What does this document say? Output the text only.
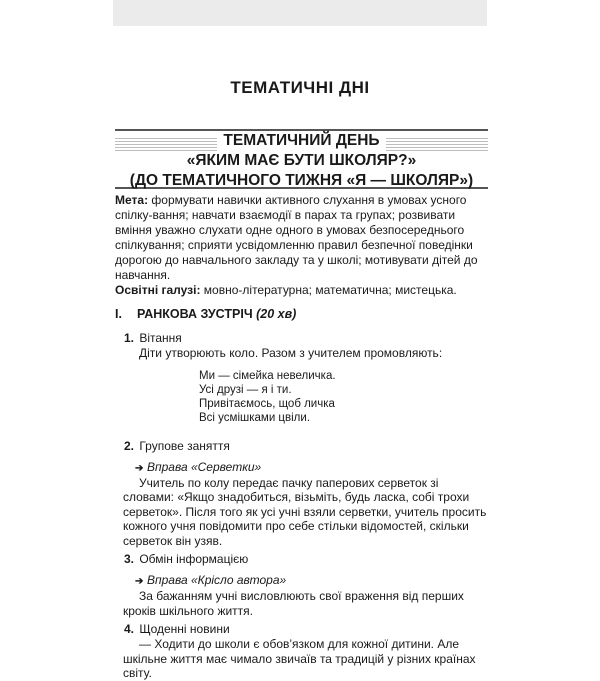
ТЕМАТИЧНІ ДНІ
ТЕМАТИЧНИЙ ДЕНЬ
«ЯКИМ МАЄ БУТИ ШКОЛЯР?»
(ДО ТЕМАТИЧНОГО ТИЖНЯ «Я — ШКОЛЯР»)

Мета: формувати навички активного слухання в умовах усного спілку-вання; навчати взаємодії в парах та групах; розвивати вміння уважно слухати одне одного в умовах безпосереднього спілкування; сприяти усвідомленню правил безпечної поведінки дорогою до навчального закладу та у школі; мотивувати дітей до навчання.

Освітні галузі: мовно-літературна; математична; мистецька.

I. РАНКОВА ЗУСТРІЧ (20 хв)
1. Вітання

Діти утворюють коло. Разом з учителем промовляють:

Ми — сімейка невеличка.
Усі друзі — я і ти.
Привітаємось, щоб личка
Всі усмішками цвіли.
2. Групове заняття
➔ Вправа «Серветки»

Учитель по колу передає пачку паперових серветок зі словами: «Якщо знадобиться, візьміть, будь ласка, собі трохи серветок». Після того як усі учні взяли серветки, учитель просить кожного учня повідомити про себе стільки відомостей, скільки серветок він узяв.

3. Обмін інформацією
➔ Вправа «Крісло автора»

За бажанням учні висловлюють свої враження від перших кроків шкільного життя.

4. Щоденні новини

— Ходити до школи є обов’язком для кожної дитини. Але шкільне життя має чимало звичаїв та традицій у різних країнах світу.
